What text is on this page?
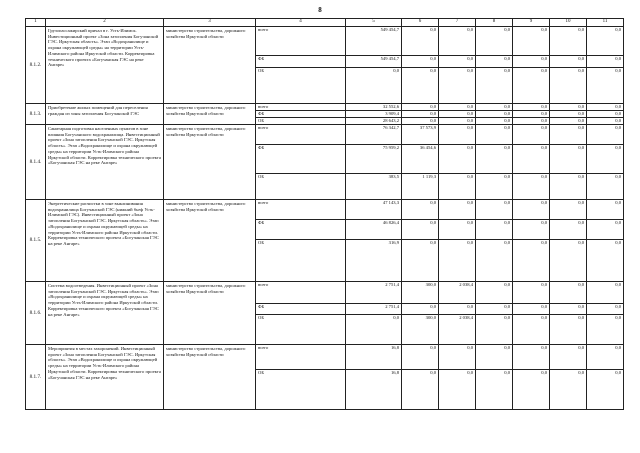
8
1	2	3	4	5	6	7	8	9	10	11
8.1.2.	Грузопассажирский причал в г. Усть-Илимск. Инвестиционный проект «Зона затопления Богучанской ГЭС. Иркутская область». Этап «Водохранилище и охрана окружающей среды» на территории Усть-Илимского района Иркутской области. Корректировка технического проекта «Богучанская ГЭС на реке Ангаре»	министерство строительства, дорожного хозяйства Иркутской области	всего	549 454,7	0,0	0,0	0,0	0,0	0,0	0,0
			ФБ	549 454,7	0,0	0,0	0,0	0,0	0,0	0,0
			ОБ	0,0	0,0	0,0	0,0	0,0	0,0	0,0
8.1.3.	Приобретение жилых помещений для переселения граждан из зоны затопления Богучанской ГЭС	министерство строительства, дорожного хозяйства Иркутской области	всего	32 552,6	0,0	0,0	0,0	0,0	0,0	0,0
			ФБ	3 909,4	0,0	0,0	0,0	0,0	0,0	0,0
			ОБ	28 643,2	0,0	0,0	0,0	0,0	0,0	0,0
8.1.4.	Санитарная подготовка населенных пунктов в зоне влияния Богучанского водохранилища. Инвестиционный проект «Зона затопления Богучанской ГЭС. Иркутская область». Этап «Водохранилище и охрана окружающей среды» на территории Усть-Илимского района Иркутской области. Корректировка технического проекта «Богучанская ГЭС на реке Ангаре»	министерство строительства, дорожного хозяйства Иркутской области	всего	76 342,7	37 573,9	0,0	0,0	0,0	0,0	0,0
			ФБ	75 959,2	36 454,6	0,0	0,0	0,0	0,0	0,0
			ОБ	383,5	1 119,3	0,0	0,0	0,0	0,0	0,0
8.1.5.	Энергетические расчистки в зоне выклинивания водохранилища Богучанской ГЭС (нижний бьеф Усть-Илимской ГЭС). Инвестиционный проект «Зона затопления Богучанской ГЭС. Иркутская область». Этап «Водохранилище и охрана окружающей среды» на территории Усть-Илимского района Иркутской области. Корректировка технического проекта «Богучанская ГЭС на реке Ангаре»	министерство строительства, дорожного хозяйства Иркутской области	всего	47 143,3	0,0	0,0	0,0	0,0	0,0	0,0
			ФБ	46 826,4	0,0	0,0	0,0	0,0	0,0	0,0
			ОБ	316,9	0,0	0,0	0,0	0,0	0,0	0,0
8.1.6.	Система водоотведения. Инвестиционный проект «Зона затопления Богучанской ГЭС. Иркутская область». Этап «Водохранилище и охрана окружающей среды» на территории Усть-Илимского района Иркутской области. Корректировка технического проекта «Богучанская ГЭС на реке Ангаре»	министерство строительства, дорожного хозяйства Иркутской области	всего	2 751,4	300,0	2 038,4	0,0	0,0	0,0	0,0
			ФБ	2 751,4	0,0	0,0	0,0	0,0	0,0	0,0
			ОБ	0,0	300,0	2 038,4	0,0	0,0	0,0	0,0
8.1.7.	Мероприятия в местах захоронений. Инвестиционный проект «Зона затопления Богучанской ГЭС. Иркутская область». Этап «Водохранилище и охрана окружающей среды» на территории Усть-Илимского района Иркутской области. Корректировка технического проекта «Богучанская ГЭС на реке Ангаре»	министерство строительства, дорожного хозяйства Иркутской области	всего	16,8	0,0	0,0	0,0	0,0	0,0	0,0
			ОБ	16,8	0,0	0,0	0,0	0,0	0,0	0,0
